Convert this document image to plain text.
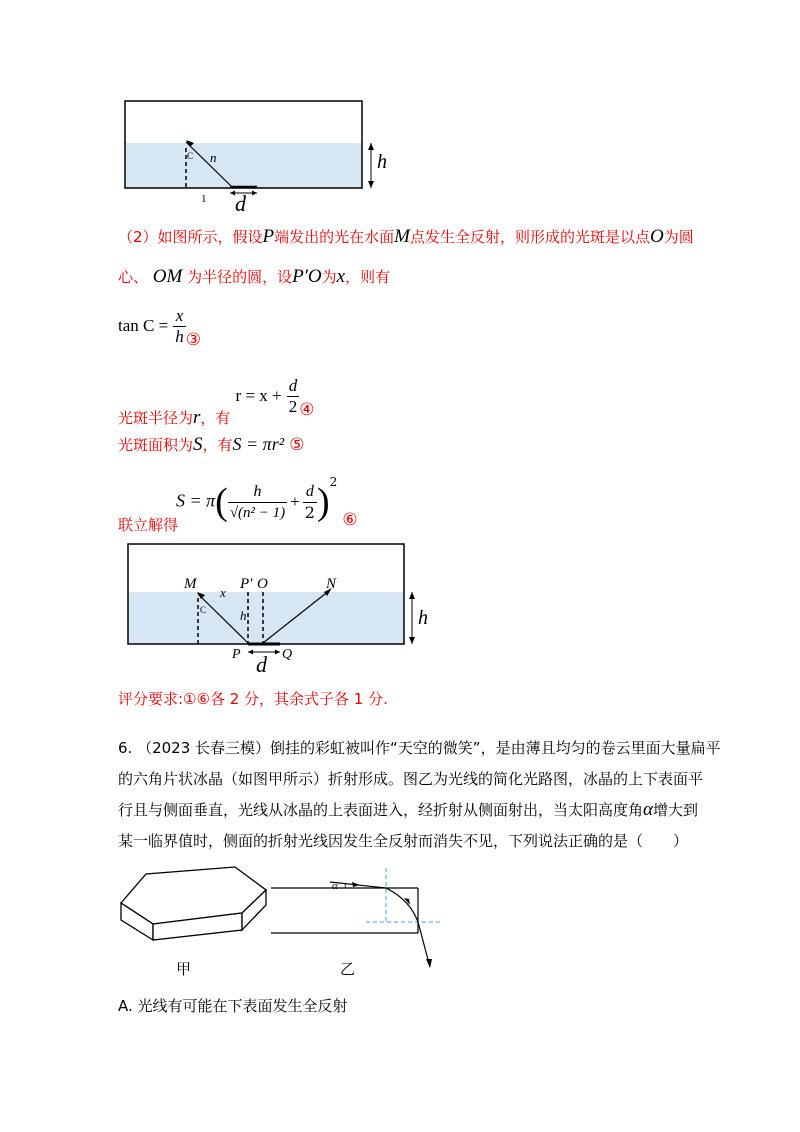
C n
1 d
h
（2）如图所示，假设P端发出的光在水面M点发生全反射，则形成的光斑是以点O为圆
心、 OM 为半径的圆，设P′O为x，则有
$\tan C = \frac{x}{h}$ ③
光斑半径为r，有 $r = x + \frac{d}{2}$ ④
光斑面积为S，有S = πr² ⑤
联立解得
$S = \pi( \frac{h}{\text{√(n² − 1)}} + \frac{d}{2} )^2$ ⑥
M	P′ O	N
x
h
C
P	Q
d
h
评分要求:①⑥各 2 分，其余式子各 1 分.
6. （2023 长春三模）倒挂的彩虹被叫作“天空的微笑”，是由薄且均匀的卷云里面大量扁平
的六角片状冰晶（如图甲所示）折射形成。图乙为光线的简化光路图，冰晶的上下表面平
行且与侧面垂直，光线从冰晶的上表面进入，经折射从侧面射出，当太阳高度角α增大到
某一临界值时，侧面的折射光线因发生全反射而消失不见，下列说法正确的是（　　）
α
甲	乙
A. 光线有可能在下表面发生全反射
